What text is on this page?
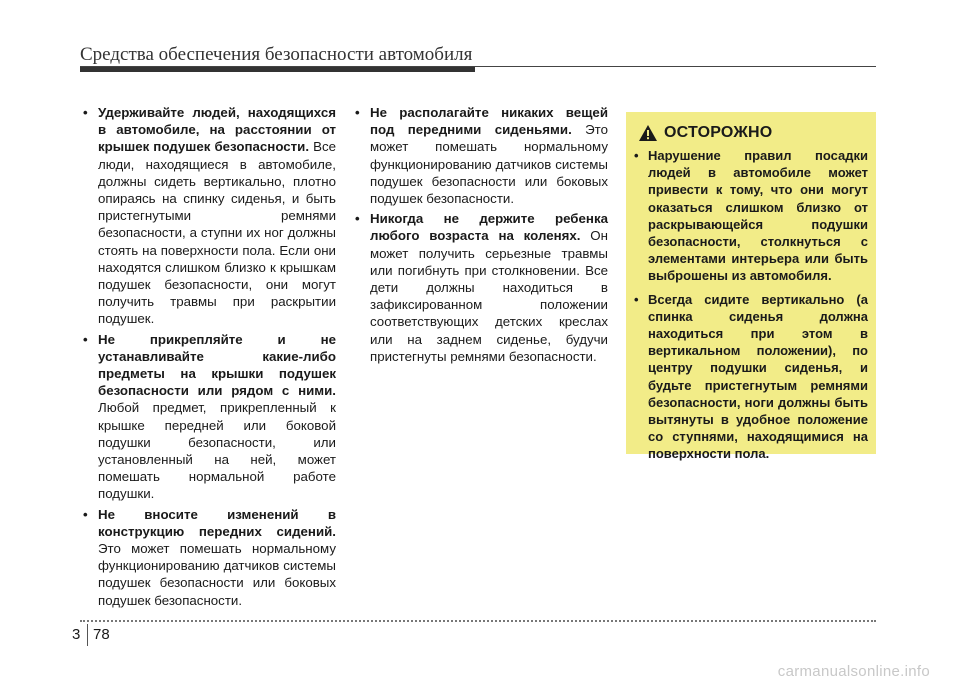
Средства обеспечения безопасности автомобиля
• Удерживайте людей, находящихся в автомобиле, на расстоянии от крышек подушек безопасности. Все люди, находящиеся в автомобиле, должны сидеть вертикально, плотно опираясь на спинку сиденья, и быть пристегнутыми ремнями безопасности, а ступни их ног должны стоять на поверхности пола. Если они находятся слишком близко к крышкам подушек безопасности, они могут получить травмы при раскрытии подушек.
• Не прикрепляйте и не устанавливайте какие-либо предметы на крышки подушек безопасности или рядом с ними. Любой предмет, прикрепленный к крышке передней или боковой подушки безопасности, или установленный на ней, может помешать нормальной работе подушки.
• Не вносите изменений в конструкцию передних сидений. Это может помешать нормальному функционированию датчиков системы подушек безопасности или боковых подушек безопасности.
• Не располагайте никаких вещей под передними сиденьями. Это может помешать нормальному функционированию датчиков системы подушек безопасности или боковых подушек безопасности.
• Никогда не держите ребенка любого возраста на коленях. Он может получить серьезные травмы или погибнуть при столкновении. Все дети должны находиться в зафиксированном положении соответствующих детских креслах или на заднем сиденье, будучи пристегнуты ремнями безопасности.
ОСТОРОЖНО
• Нарушение правил посадки людей в автомобиле может привести к тому, что они могут оказаться слишком близко от раскрывающейся подушки безопасности, столкнуться с элементами интерьера или быть выброшены из автомобиля.
• Всегда сидите вертикально (а спинка сиденья должна находиться при этом в вертикальном положении), по центру подушки сиденья, и будьте пристегнутым ремнями безопасности, ноги должны быть вытянуты в удобное положение со ступнями, находящимися на поверхности пола.
3 78
carmanualsonline.info
